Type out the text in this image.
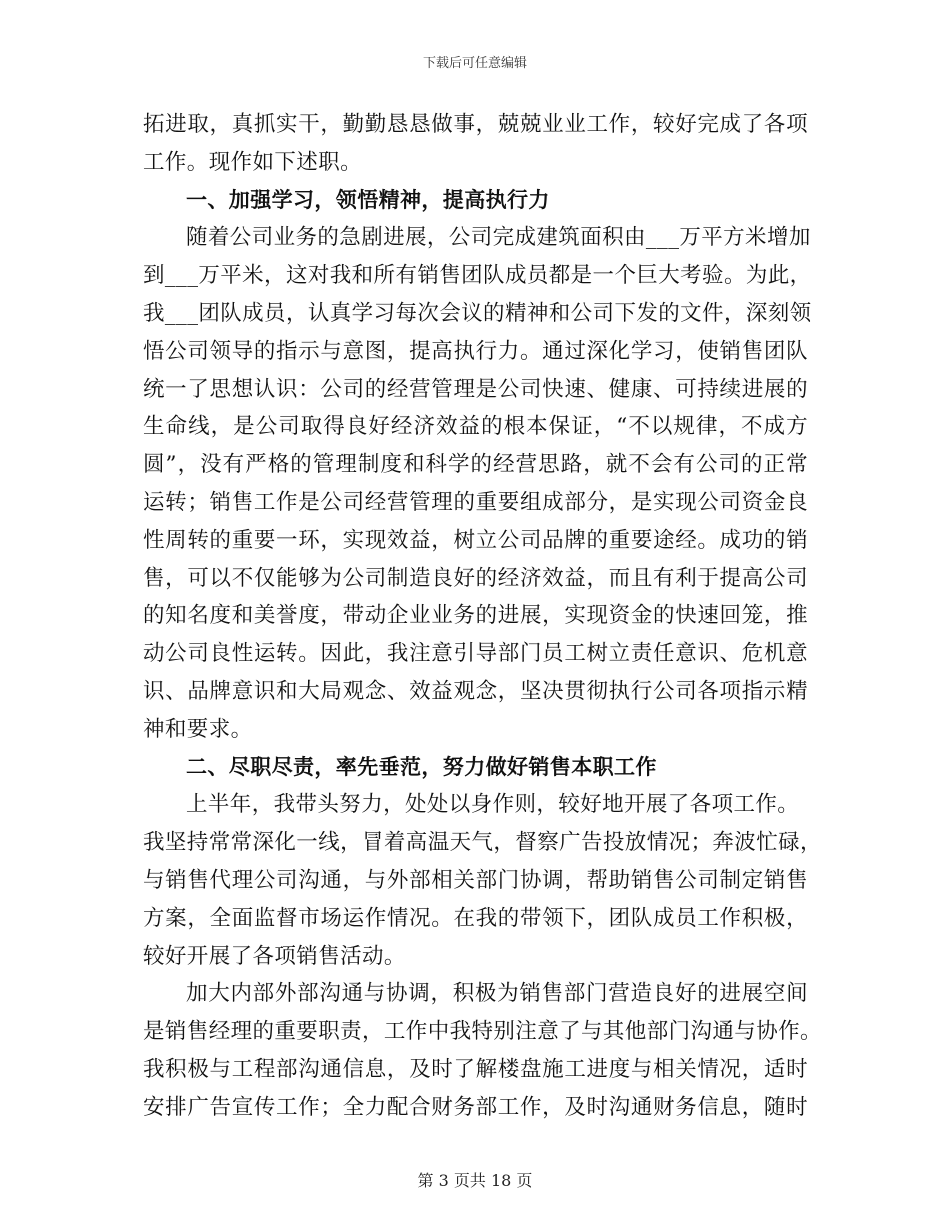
下载后可任意编辑
拓进取，真抓实干，勤勤恳恳做事，兢兢业业工作，较好完成了各项
工作。现作如下述职。
一、加强学习，领悟精神，提高执行力
随着公司业务的急剧进展，公司完成建筑面积由___万平方米增加
到___万平米，这对我和所有销售团队成员都是一个巨大考验。为此，
我___团队成员，认真学习每次会议的精神和公司下发的文件，深刻领
悟公司领导的指示与意图，提高执行力。通过深化学习，使销售团队
统一了思想认识：公司的经营管理是公司快速、健康、可持续进展的
生命线，是公司取得良好经济效益的根本保证，“不以规律，不成方
圆”，没有严格的管理制度和科学的经营思路，就不会有公司的正常
运转；销售工作是公司经营管理的重要组成部分，是实现公司资金良
性周转的重要一环，实现效益，树立公司品牌的重要途经。成功的销
售，可以不仅能够为公司制造良好的经济效益，而且有利于提高公司
的知名度和美誉度，带动企业业务的进展，实现资金的快速回笼，推
动公司良性运转。因此，我注意引导部门员工树立责任意识、危机意
识、品牌意识和大局观念、效益观念，坚决贯彻执行公司各项指示精
神和要求。
二、尽职尽责，率先垂范，努力做好销售本职工作
上半年，我带头努力，处处以身作则，较好地开展了各项工作。
我坚持常常深化一线，冒着高温天气，督察广告投放情况；奔波忙碌，
与销售代理公司沟通，与外部相关部门协调，帮助销售公司制定销售
方案，全面监督市场运作情况。在我的带领下，团队成员工作积极，
较好开展了各项销售活动。
加大内部外部沟通与协调，积极为销售部门营造良好的进展空间
是销售经理的重要职责，工作中我特别注意了与其他部门沟通与协作。
我积极与工程部沟通信息，及时了解楼盘施工进度与相关情况，适时
安排广告宣传工作；全力配合财务部工作，及时沟通财务信息，随时
第 3 页共 18 页
